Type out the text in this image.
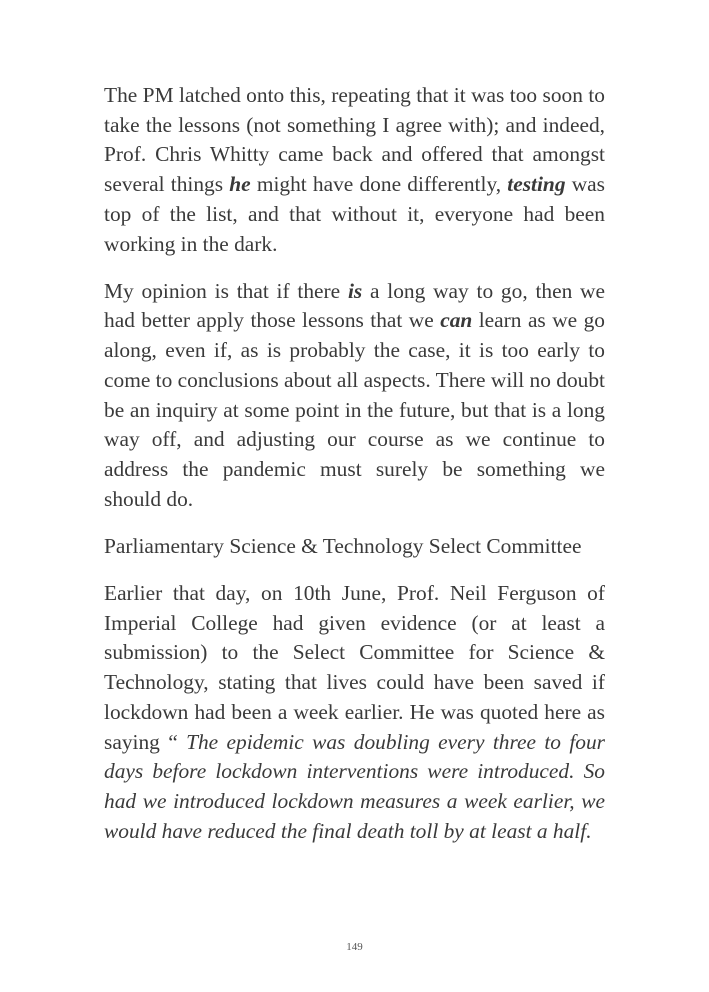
The PM latched onto this, repeating that it was too soon to take the lessons (not something I agree with); and indeed, Prof. Chris Whitty came back and offered that amongst several things he might have done differently, testing was top of the list, and that without it, everyone had been working in the dark.

My opinion is that if there is a long way to go, then we had better apply those lessons that we can learn as we go along, even if, as is probably the case, it is too early to come to conclusions about all aspects. There will no doubt be an inquiry at some point in the future, but that is a long way off, and adjusting our course as we continue to address the pandemic must surely be something we should do.

Parliamentary Science & Technology Select Committee

Earlier that day, on 10th June, Prof. Neil Ferguson of Imperial College had given evidence (or at least a submission) to the Select Committee for Science & Technology, stating that lives could have been saved if lockdown had been a week earlier. He was quoted here as saying “ The epidemic was doubling every three to four days before lockdown interventions were introduced. So had we introduced lockdown measures a week earlier, we would have reduced the final death toll by at least a half.

149
